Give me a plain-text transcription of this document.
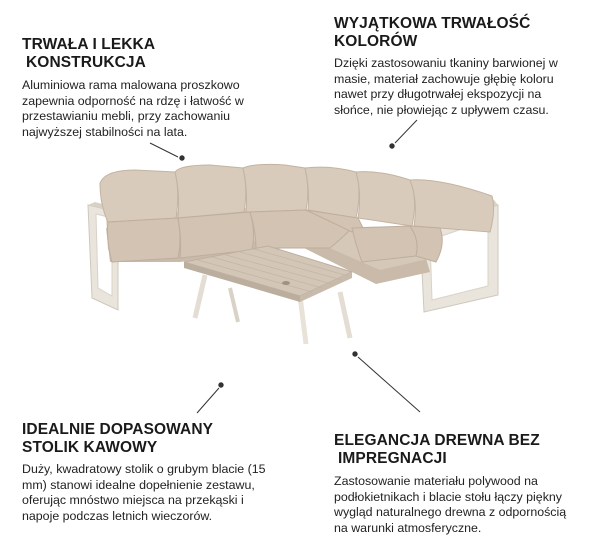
TRWAŁA I LEKKA
KONSTRUKCJA

Aluminiowa rama malowana proszkowo
zapewnia odporność na rdzę i łatwość w
przestawianiu mebli, przy zachowaniu
najwyższej stabilności na lata.

WYJĄTKOWA TRWAŁOŚĆ
KOLORÓW

Dzięki zastosowaniu tkaniny barwionej w
masie, materiał zachowuje głębię koloru
nawet przy długotrwałej ekspozycji na
słońce, nie płowiejąc z upływem czasu.

IDEALNIE DOPASOWANY
STOLIK KAWOWY

Duży, kwadratowy stolik o grubym blacie (15
mm) stanowi idealne dopełnienie zestawu,
oferując mnóstwo miejsca na przekąski i
napoje podczas letnich wieczorów.

ELEGANCJA DREWNA BEZ
IMPREGNACJI

Zastosowanie materiału polywood na
podłokietnikach i blacie stołu łączy piękny
wygląd naturalnego drewna z odpornością
na warunki atmosferyczne.
